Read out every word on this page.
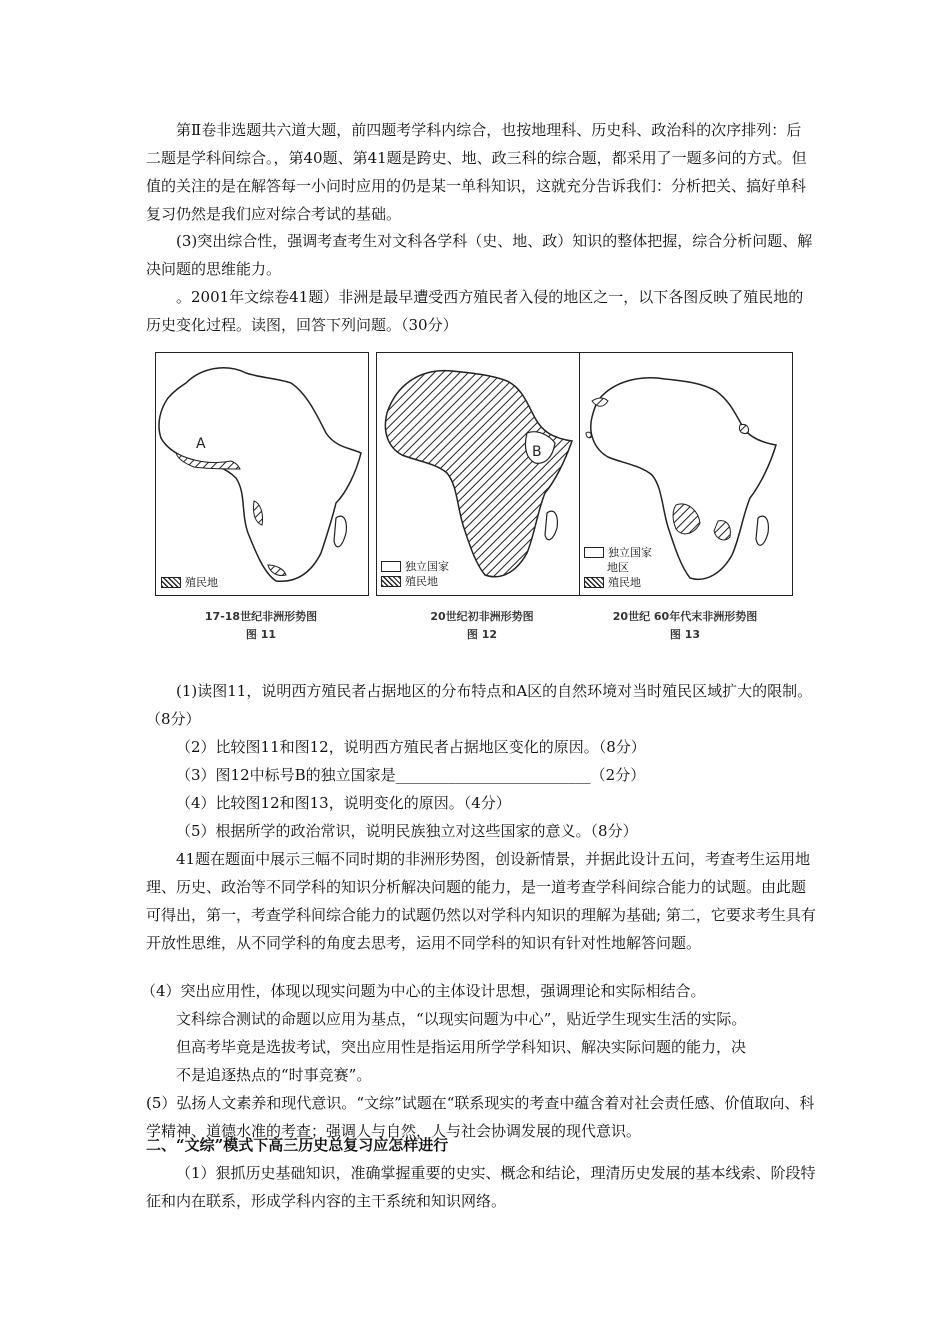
第Ⅱ卷非选题共六道大题，前四题考学科内综合，也按地理科、历史科、政治科的次序排列：后二题是学科间综合。，第40题、第41题是跨史、地、政三科的综合题，都采用了一题多问的方式。但值的关注的是在解答每一小问时应用的仍是某一单科知识，这就充分告诉我们：分析把关、搞好单科复习仍然是我们应对综合考试的基础。

(3)突出综合性，强调考查考生对文科各学科（史、地、政）知识的整体把握，综合分析问题、解决问题的思维能力。

。2001年文综卷41题）非洲是最早遭受西方殖民者入侵的地区之一，以下各图反映了殖民地的历史变化过程。读图，回答下列问题。（30分）

A
殖民地
B
独立国家
殖民地
独立国家
地区
殖民地
17-18世纪非洲形势图
图 11
20世纪初非洲形势图
图 12
20世纪 60年代末非洲形势图
图 13

(1)读图11，说明西方殖民者占据地区的分布特点和A区的自然环境对当时殖民区域扩大的限制。（8分）

（2）比较图11和图12，说明西方殖民者占据地区变化的原因。（8分）

（3）图12中标号B的独立国家是__________________________（2分）

（4）比较图12和图13，说明变化的原因。（4分）

（5）根据所学的政治常识，说明民族独立对这些国家的意义。（8分）

41题在题面中展示三幅不同时期的非洲形势图，创设新情景，并据此设计五问，考查考生运用地理、历史、政治等不同学科的知识分析解决问题的能力，是一道考查学科间综合能力的试题。由此题可得出，第一，考查学科间综合能力的试题仍然以对学科内知识的理解为基础; 第二，它要求考生具有开放性思维，从不同学科的角度去思考，运用不同学科的知识有针对性地解答问题。

（4）突出应用性，体现以现实问题为中心的主体设计思想，强调理论和实际相结合。

文科综合测试的命题以应用为基点，“以现实问题为中心”，贴近学生现实生活的实际。

但高考毕竟是选拔考试，突出应用性是指运用所学学科知识、解决实际问题的能力，决

不是追逐热点的“时事竞赛”。

(5）弘扬人文素养和现代意识。“文综”试题在“联系现实的考查中蕴含着对社会责任感、价值取向、科学精神、道德水准的考查；强调人与自然，人与社会协调发展的现代意识。

二、“文综”模式下高三历史总复习应怎样进行

（1）狠抓历史基础知识，准确掌握重要的史实、概念和结论，理清历史发展的基本线索、阶段特征和内在联系，形成学科内容的主干系统和知识网络。
